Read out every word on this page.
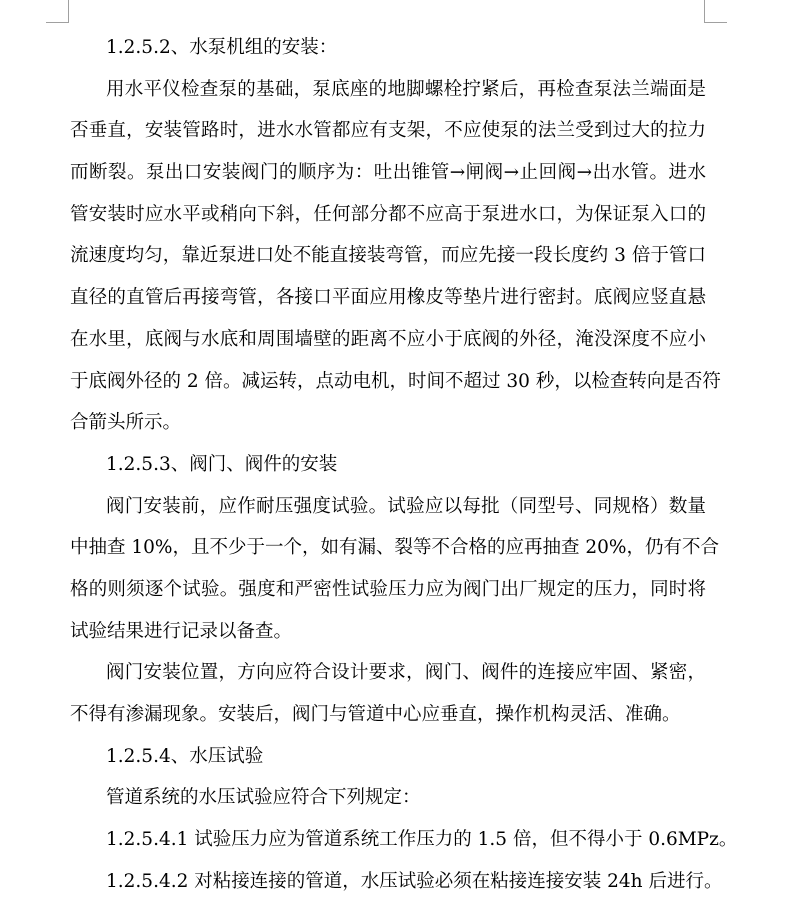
1.2.5.2、水泵机组的安装：
用水平仪检查泵的基础，泵底座的地脚螺栓拧紧后，再检查泵法兰端面是
否垂直，安装管路时，进水水管都应有支架，不应使泵的法兰受到过大的拉力
而断裂。泵出口安装阀门的顺序为：吐出锥管→闸阀→止回阀→出水管。进水
管安装时应水平或稍向下斜，任何部分都不应高于泵进水口，为保证泵入口的
流速度均匀，靠近泵进口处不能直接装弯管，而应先接一段长度约 3 倍于管口
直径的直管后再接弯管，各接口平面应用橡皮等垫片进行密封。底阀应竖直悬
在水里，底阀与水底和周围墙壁的距离不应小于底阀的外径，淹没深度不应小
于底阀外径的 2 倍。减运转，点动电机，时间不超过 30 秒，以检查转向是否符
合箭头所示。
1.2.5.3、阀门、阀件的安装
阀门安装前，应作耐压强度试验。试验应以每批（同型号、同规格）数量
中抽查 10%，且不少于一个，如有漏、裂等不合格的应再抽查 20%，仍有不合
格的则须逐个试验。强度和严密性试验压力应为阀门出厂规定的压力，同时将
试验结果进行记录以备查。
阀门安装位置，方向应符合设计要求，阀门、阀件的连接应牢固、紧密，
不得有渗漏现象。安装后，阀门与管道中心应垂直，操作机构灵活、准确。
1.2.5.4、水压试验
管道系统的水压试验应符合下列规定：
1.2.5.4.1 试验压力应为管道系统工作压力的 1.5 倍，但不得小于 0.6MPz。
1.2.5.4.2 对粘接连接的管道，水压试验必须在粘接连接安装 24h 后进行。
